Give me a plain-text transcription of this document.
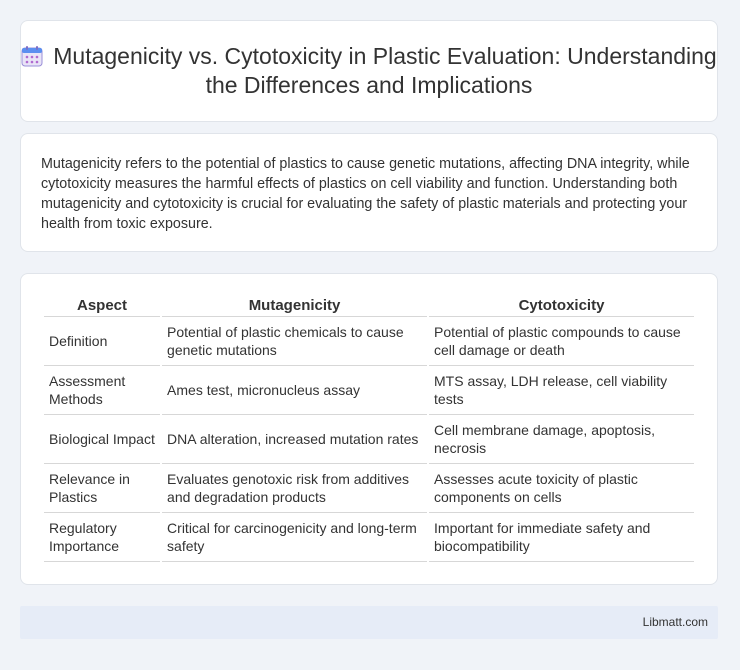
Mutagenicity vs. Cytotoxicity in Plastic Evaluation: Understanding the Differences and Implications

Mutagenicity refers to the potential of plastics to cause genetic mutations, affecting DNA integrity, while cytotoxicity measures the harmful effects of plastics on cell viability and function. Understanding both mutagenicity and cytotoxicity is crucial for evaluating the safety of plastic materials and protecting your health from toxic exposure.

Aspect	Mutagenicity	Cytotoxicity
Definition	Potential of plastic chemicals to cause genetic mutations	Potential of plastic compounds to cause cell damage or death
Assessment Methods	Ames test, micronucleus assay	MTS assay, LDH release, cell viability tests
Biological Impact	DNA alteration, increased mutation rates	Cell membrane damage, apoptosis, necrosis
Relevance in Plastics	Evaluates genotoxic risk from additives and degradation products	Assesses acute toxicity of plastic components on cells
Regulatory Importance	Critical for carcinogenicity and long-term safety	Important for immediate safety and biocompatibility
Libmatt.com
